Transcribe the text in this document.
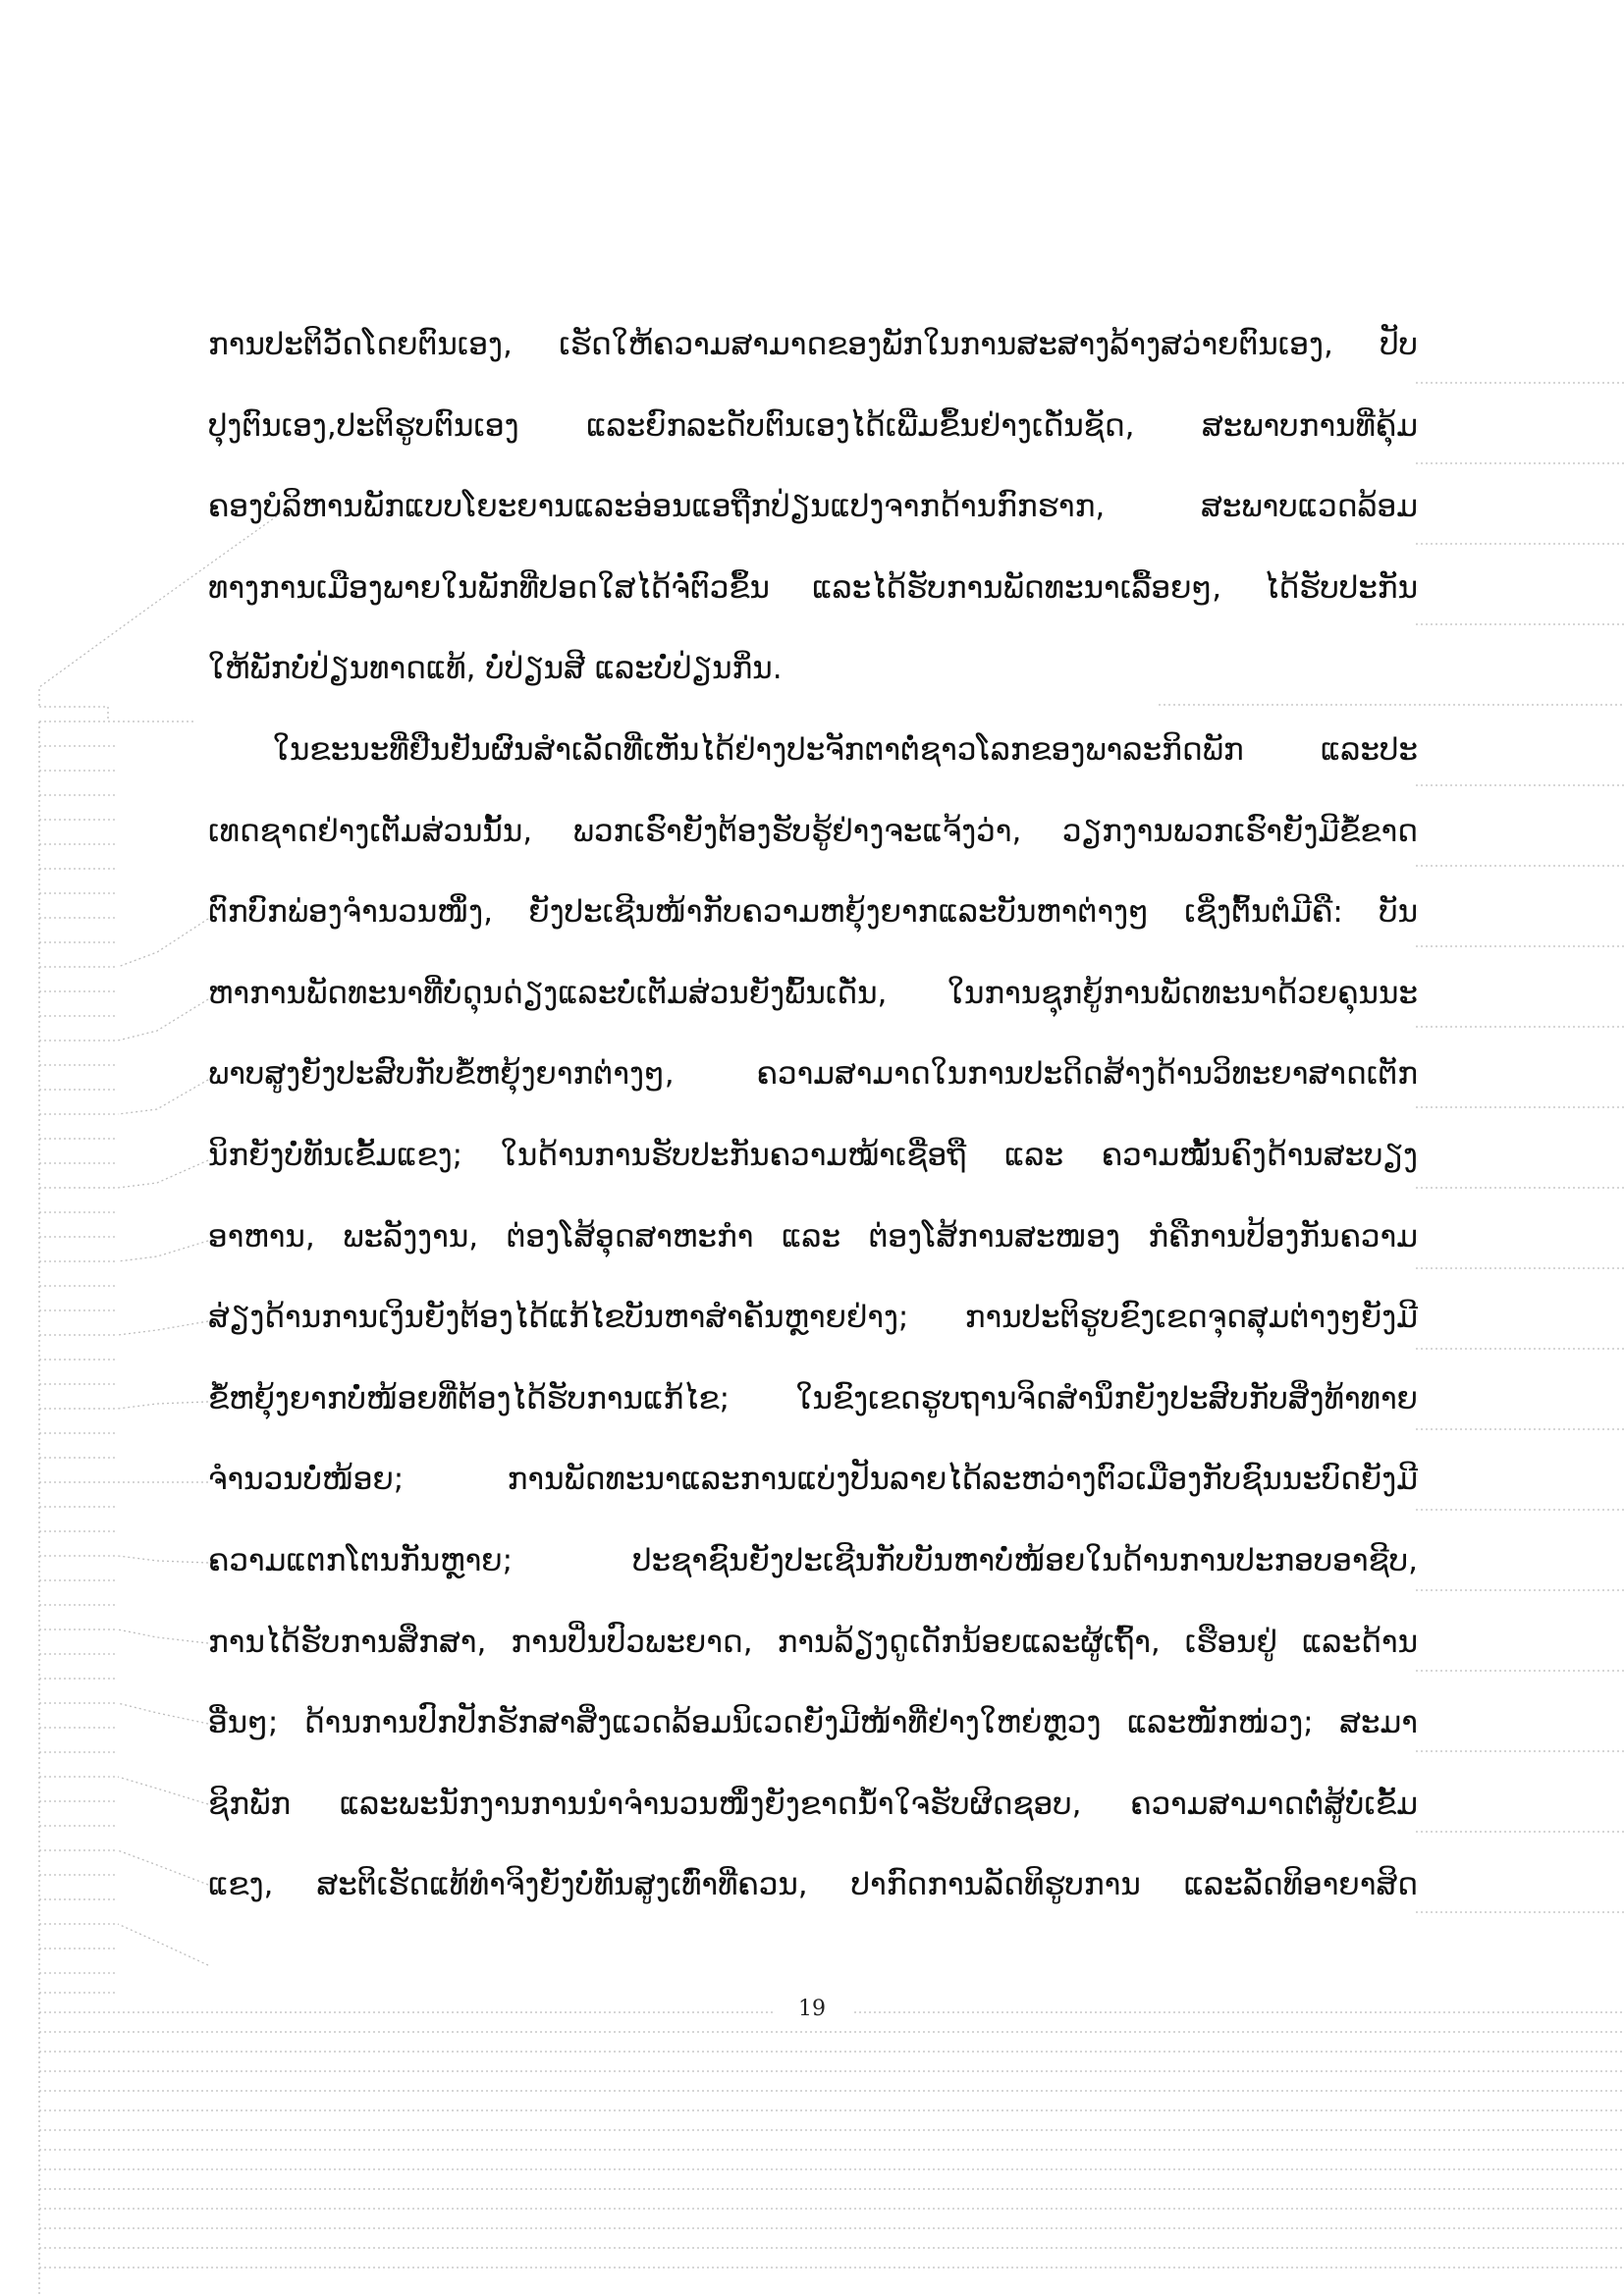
ການປະຕິວັດໂດຍຕົນເອງ, ເຮັດໃຫ້ຄວາມສາມາດຂອງພັກໃນການສະສາງລ້າງສວ່າຍຕົນເອງ, ປັບ
ປຸງຕົນເອງ,ປະຕິຮູບຕົນເອງ ແລະຍົກລະດັບຕົນເອງໄດ້ເພີ່ມຂຶ້ນຢ່າງເດັ່ນຊັດ, ສະພາບການທີ່ຄຸ້ມ
ຄອງບໍລິຫານພັກແບບໂຍະຍານແລະອ່ອນແອຖືກປ່ຽນແປງຈາກດ້ານກົກຮາກ, ສະພາບແວດລ້ອມ
ທາງການເມືອງພາຍໃນພັກທີ່ປອດໃສໄດ້ຈໍ່ຕົວຂຶ້ນ ແລະໄດ້ຮັບການພັດທະນາເລື້ອຍໆ, ໄດ້ຮັບປະກັນ
ໃຫ້ພັກບໍ່ປ່ຽນທາດແທ້, ບໍ່ປ່ຽນສີ ແລະບໍ່ປ່ຽນກິ່ນ.
ໃນຂະນະທີ່ຢືນຢັນຜົນສຳເລັດທີ່ເຫັນໄດ້ຢ່າງປະຈັກຕາຕໍ່ຊາວໂລກຂອງພາລະກິດພັກ ແລະປະ
ເທດຊາດຢ່າງເຕັມສ່ວນນັ້ນ, ພວກເຮົາຍັງຕ້ອງຮັບຮູ້ຢ່າງຈະແຈ້ງວ່າ, ວຽກງານພວກເຮົາຍັງມີຂໍ້ຂາດ
ຕົກບົກພ່ອງຈຳນວນໜຶ່ງ, ຍັງປະເຊີນໜ້າກັບຄວາມຫຍຸ້ງຍາກແລະບັນຫາຕ່າງໆ ເຊິ່ງຕົ້ນຕໍມີຄື: ບັນ
ຫາການພັດທະນາທີ່ບໍ່ດຸນດ່ຽງແລະບໍ່ເຕັມສ່ວນຍັງພົ້ນເດັ່ນ, ໃນການຊຸກຍູ້ການພັດທະນາດ້ວຍຄຸນນະ
ພາບສູງຍັງປະສົບກັບຂໍ້ຫຍຸ້ງຍາກຕ່າງໆ, ຄວາມສາມາດໃນການປະດິດສ້າງດ້ານວິທະຍາສາດເຕັກ
ນິກຍັງບໍ່ທັນເຂັ້ມແຂງ; ໃນດ້ານການຮັບປະກັນຄວາມໝ້າເຊື່ອຖື ແລະ ຄວາມໝັ້ນຄົງດ້ານສະບຽງ
ອາຫານ, ພະລັງງານ, ຕ່ອງໂສ້ອຸດສາຫະກຳ ແລະ ຕ່ອງໂສ້ການສະໜອງ ກໍຄືການປ້ອງກັນຄວາມ
ສ່ຽງດ້ານການເງິນຍັງຕ້ອງໄດ້ແກ້ໄຂບັນຫາສຳຄັນຫຼາຍຢ່າງ; ການປະຕິຮູບຂົງເຂດຈຸດສຸມຕ່າງໆຍັງມີ
ຂໍ້ຫຍຸ້ງຍາກບໍ່ໜ້ອຍທີ່ຕ້ອງໄດ້ຮັບການແກ້ໄຂ; ໃນຂົງເຂດຮູບຖານຈິດສຳນຶກຍັງປະສົບກັບສິ່ງທ້າທາຍ
ຈຳນວນບໍ່ໜ້ອຍ; ການພັດທະນາແລະການແບ່ງປັນລາຍໄດ້ລະຫວ່າງຕົວເມືອງກັບຊົນນະບົດຍັງມີ
ຄວາມແຕກໂຕນກັນຫຼາຍ; ປະຊາຊົນຍັງປະເຊີນກັບບັນຫາບໍ່ໜ້ອຍໃນດ້ານການປະກອບອາຊີບ,
ການໄດ້ຮັບການສຶກສາ, ການປິ່ນປົວພະຍາດ, ການລ້ຽງດູເດັກນ້ອຍແລະຜູ້ເຖົ້າ, ເຮືອນຢູ່ ແລະດ້ານ
ອື່ນໆ; ດ້ານການປົກປັກຮັກສາສິ່ງແວດລ້ອມນິເວດຍັງມີໜ້າທີ່ຢ່າງໃຫຍ່ຫຼວງ ແລະໜັກໜ່ວງ; ສະມາ
ຊິກພັກ ແລະພະນັກງານການນຳຈຳນວນໜຶ່ງຍັງຂາດນ້ຳໃຈຮັບຜິດຊອບ, ຄວາມສາມາດຕໍ່ສູ້ບໍ່ເຂັ້ມ
ແຂງ, ສະຕິເຮັດແທ້ທຳຈິງຍັງບໍ່ທັນສູງເທົ່າທີ່ຄວນ, ປາກົດການລັດທິຮູບການ ແລະລັດທິອາຍາສິດ
19
